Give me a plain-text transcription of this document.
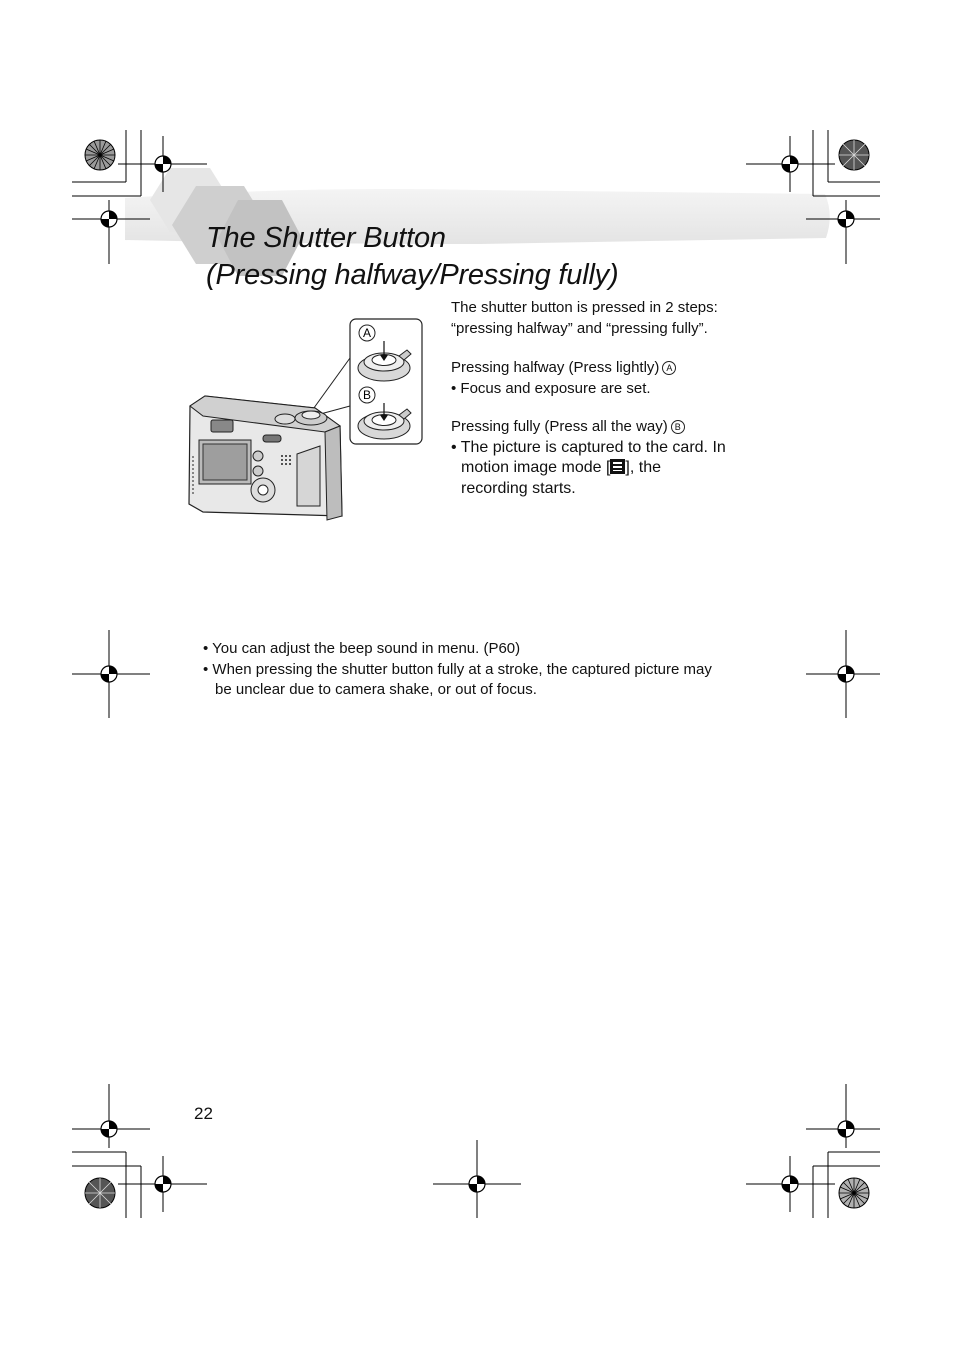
The Shutter Button
(Pressing halfway/Pressing fully)
A
B
The shutter button is pressed in 2 steps:
“pressing halfway” and “pressing fully”.
Pressing halfway (Press lightly) A
• Focus and exposure are set.
Pressing fully (Press all the way) B
• The picture is captured to the card. In
motion image mode [ ], the
recording starts.
• You can adjust the beep sound in menu. (P60)
• When pressing the shutter button fully at a stroke, the captured picture may
be unclear due to camera shake, or out of focus.
22
